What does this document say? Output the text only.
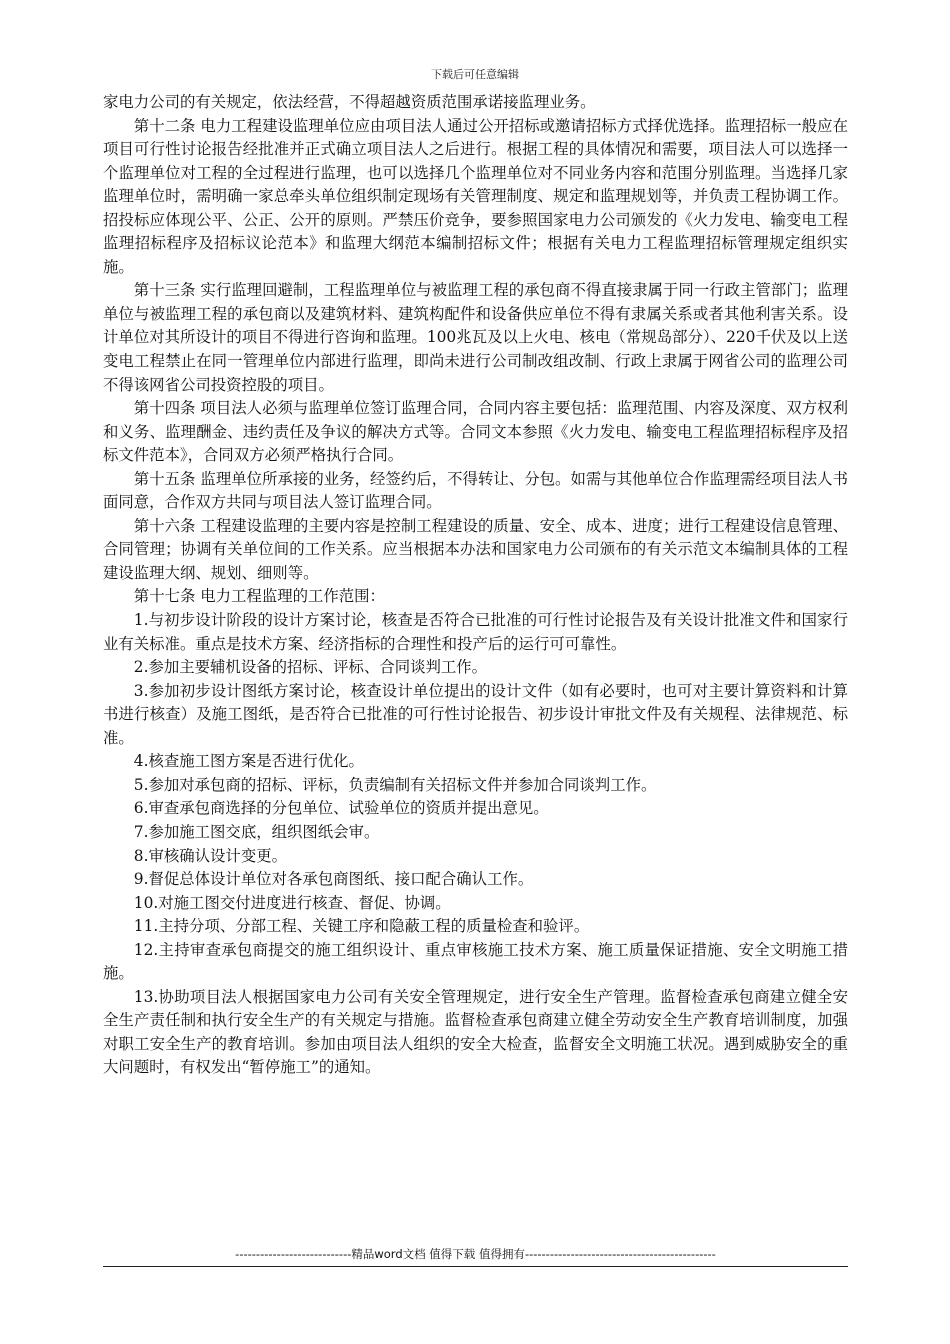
下载后可任意编辑

家电力公司的有关规定，依法经营，不得超越资质范围承诺接监理业务。

第十二条 电力工程建设监理单位应由项目法人通过公开招标或邀请招标方式择优选择。监理招标一般应在项目可行性讨论报告经批准并正式确立项目法人之后进行。根据工程的具体情况和需要，项目法人可以选择一个监理单位对工程的全过程进行监理，也可以选择几个监理单位对不同业务内容和范围分别监理。当选择几家监理单位时，需明确一家总牵头单位组织制定现场有关管理制度、规定和监理规划等，并负责工程协调工作。 招投标应体现公平、公正、公开的原则。严禁压价竞争，要参照国家电力公司颁发的《火力发电、输变电工程监理招标程序及招标议论范本》和监理大纲范本编制招标文件；根据有关电力工程监理招标管理规定组织实施。

第十三条 实行监理回避制，工程监理单位与被监理工程的承包商不得直接隶属于同一行政主管部门；监理单位与被监理工程的承包商以及建筑材料、建筑构配件和设备供应单位不得有隶属关系或者其他利害关系。设计单位对其所设计的项目不得进行咨询和监理。100兆瓦及以上火电、核电（常规岛部分）、220千伏及以上送变电工程禁止在同一管理单位内部进行监理，即尚未进行公司制改组改制、行政上隶属于网省公司的监理公司不得该网省公司投资控股的项目。

第十四条 项目法人必须与监理单位签订监理合同，合同内容主要包括：监理范围、内容及深度、双方权利和义务、监理酬金、违约责任及争议的解决方式等。合同文本参照《火力发电、输变电工程监理招标程序及招标文件范本》，合同双方必须严格执行合同。

第十五条 监理单位所承接的业务，经签约后，不得转让、分包。如需与其他单位合作监理需经项目法人书面同意，合作双方共同与项目法人签订监理合同。

第十六条 工程建设监理的主要内容是控制工程建设的质量、安全、成本、进度；进行工程建设信息管理、合同管理；协调有关单位间的工作关系。应当根据本办法和国家电力公司颁布的有关示范文本编制具体的工程建设监理大纲、规划、细则等。

第十七条 电力工程监理的工作范围：

1.与初步设计阶段的设计方案讨论，核查是否符合已批准的可行性讨论报告及有关设计批准文件和国家行业有关标准。重点是技术方案、经济指标的合理性和投产后的运行可可靠性。

2.参加主要辅机设备的招标、评标、合同谈判工作。

3.参加初步设计图纸方案讨论，核查设计单位提出的设计文件（如有必要时，也可对主要计算资料和计算书进行核查）及施工图纸，是否符合已批准的可行性讨论报告、初步设计审批文件及有关规程、法律规范、标准。

4.核查施工图方案是否进行优化。

5.参加对承包商的招标、评标，负责编制有关招标文件并参加合同谈判工作。

6.审查承包商选择的分包单位、试验单位的资质并提出意见。

7.参加施工图交底，组织图纸会审。

8.审核确认设计变更。

9.督促总体设计单位对各承包商图纸、接口配合确认工作。

10.对施工图交付进度进行核查、督促、协调。

11.主持分项、分部工程、关键工序和隐蔽工程的质量检查和验评。

12.主持审查承包商提交的施工组织设计、重点审核施工技术方案、施工质量保证措施、安全文明施工措施。

13.协助项目法人根据国家电力公司有关安全管理规定，进行安全生产管理。监督检查承包商建立健全安全生产责任制和执行安全生产的有关规定与措施。监督检查承包商建立健全劳动安全生产教育培训制度，加强对职工安全生产的教育培训。参加由项目法人组织的安全大检查，监督安全文明施工状况。遇到威胁安全的重大问题时，有权发出“暂停施工”的通知。

----------------------------精品word文档 值得下载 值得拥有----------------------------------------------
